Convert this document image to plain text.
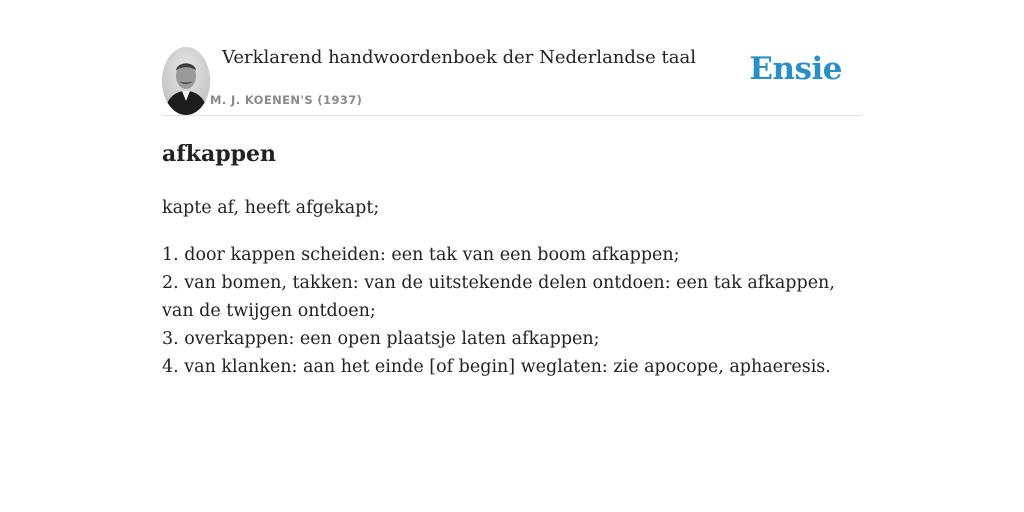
Verklarend handwoordenboek der Nederlandse taal
M. J. KOENEN'S (1937)
Ensie
afkappen

kapte af, heeft afgekapt;

1. door kappen scheiden: een tak van een boom afkappen;
2. van bomen, takken: van de uitstekende delen ontdoen: een tak afkappen, van de twijgen ontdoen;
3. overkappen: een open plaatsje laten afkappen;
4. van klanken: aan het einde [of begin] weglaten: zie apocope, aphaeresis.
